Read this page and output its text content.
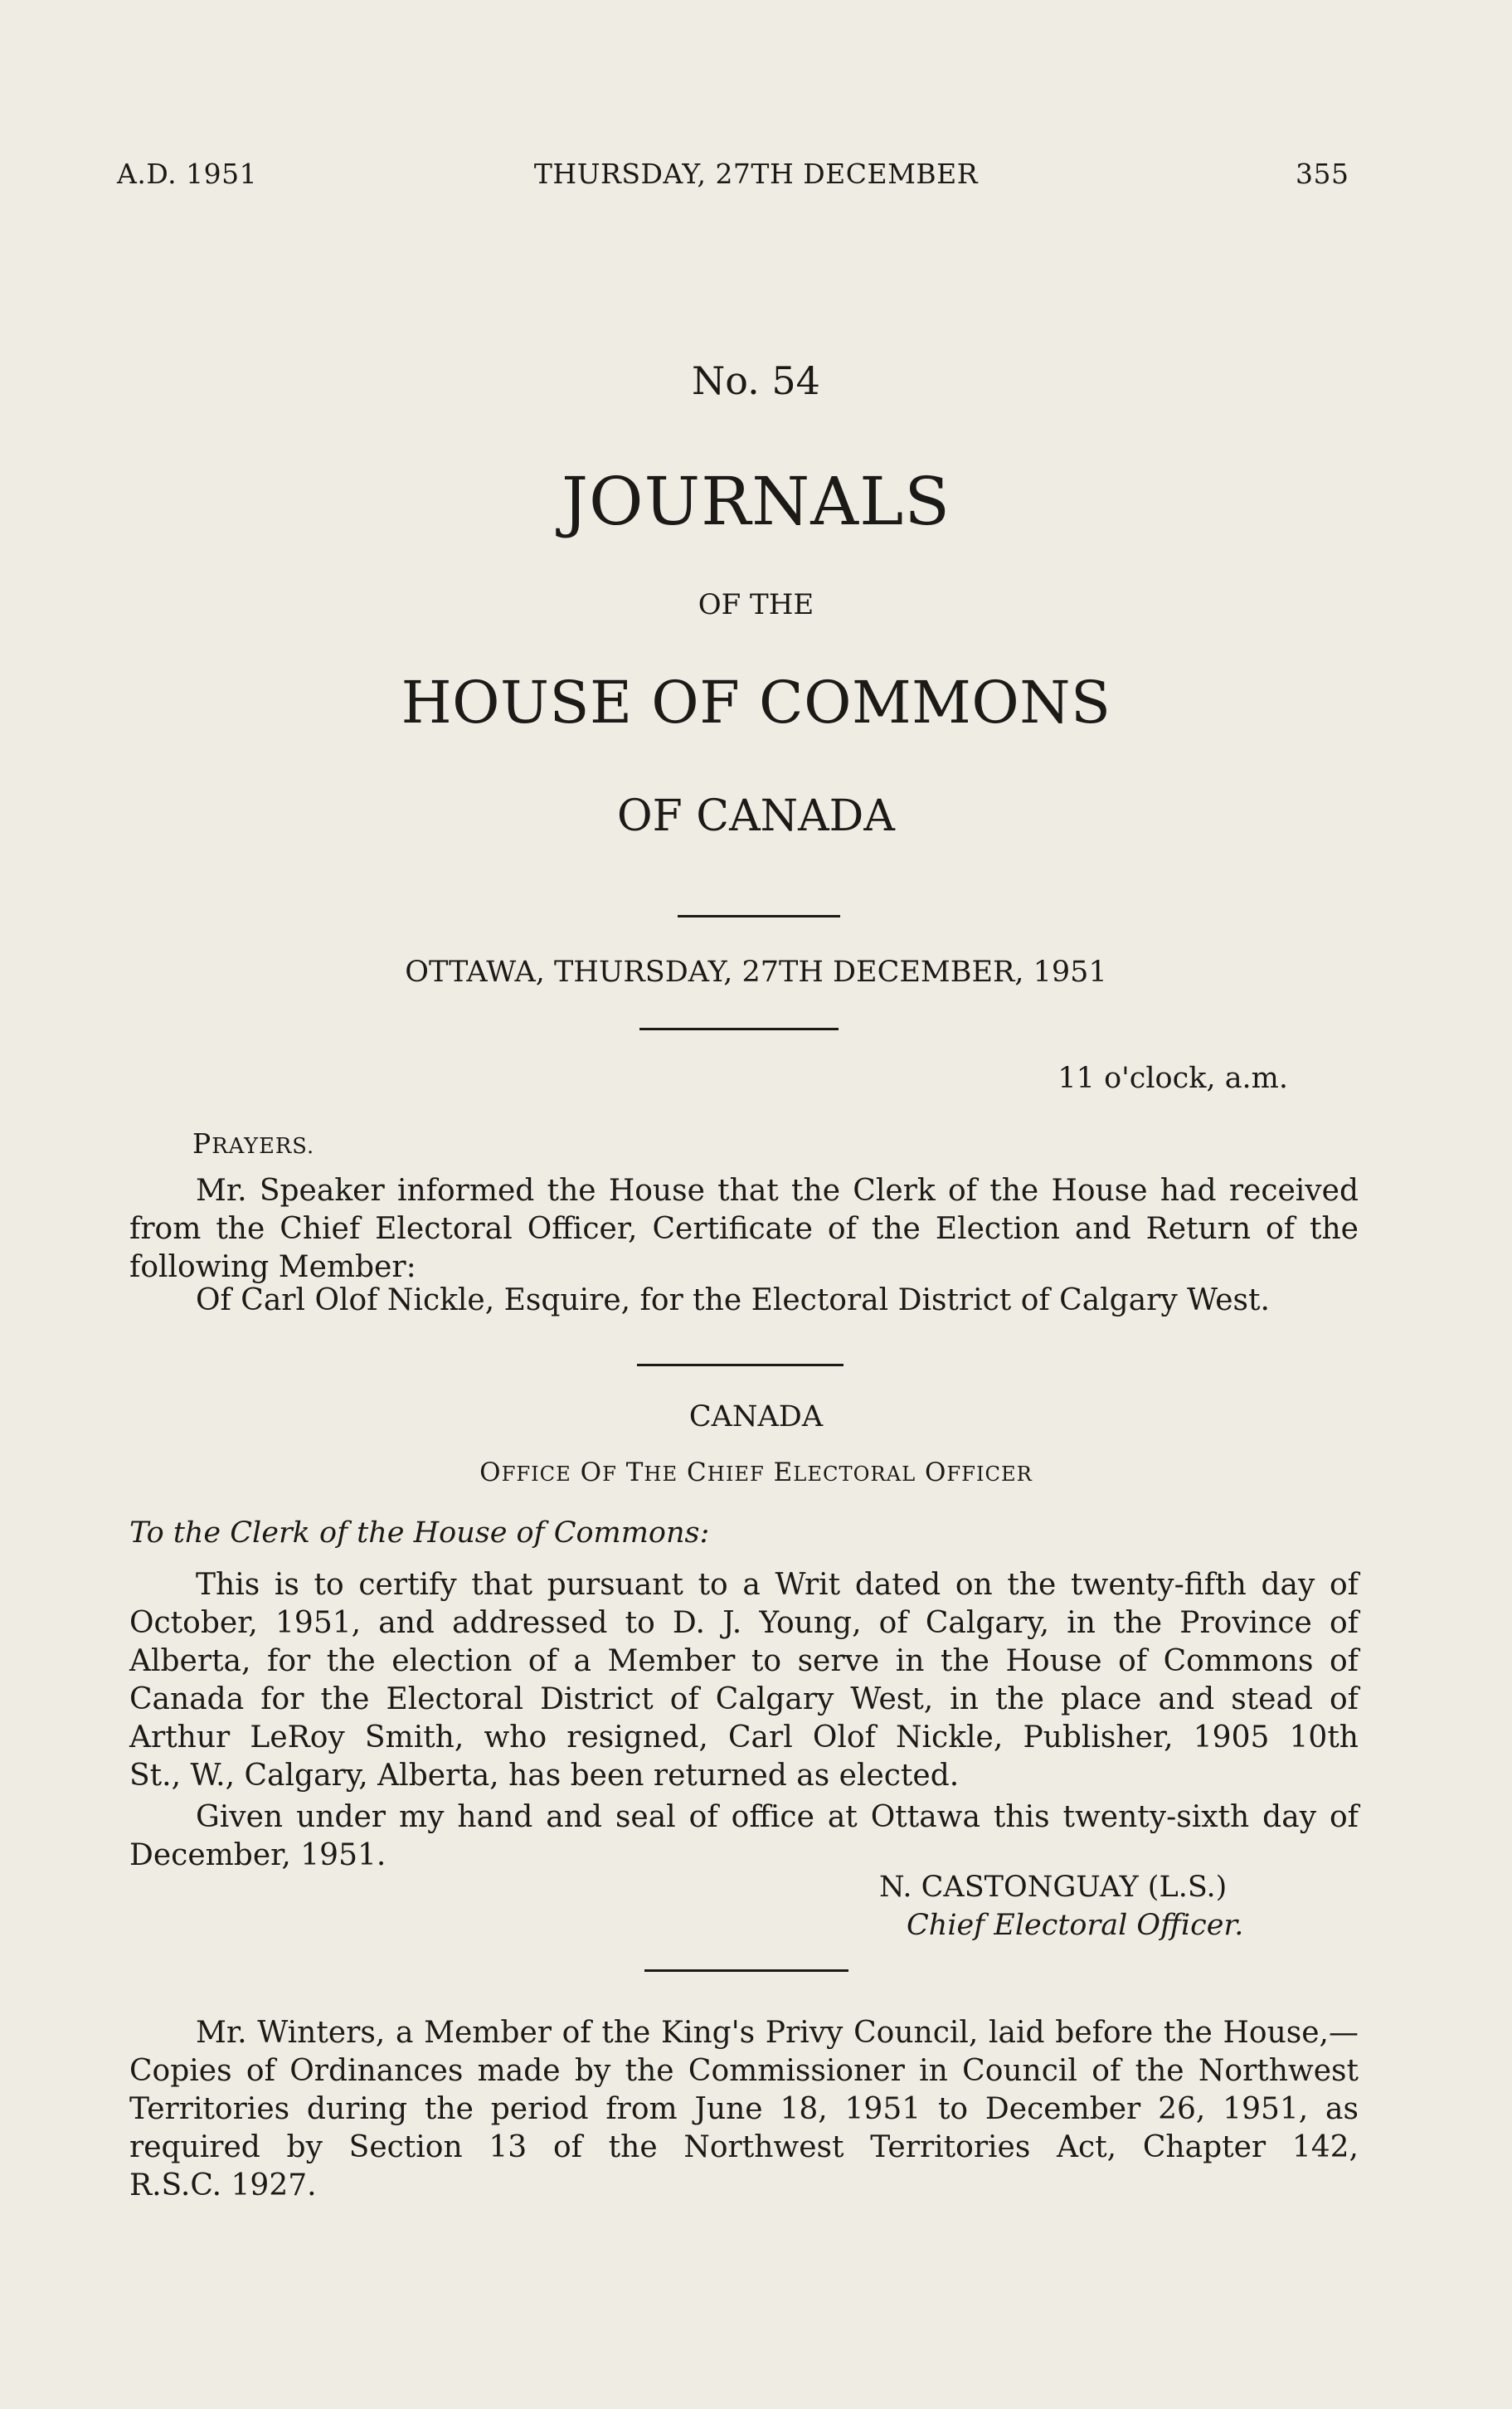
A.D. 1951	THURSDAY, 27TH DECEMBER	355
No. 54
JOURNALS
OF THE
HOUSE OF COMMONS
OF CANADA
OTTAWA, THURSDAY, 27TH DECEMBER, 1951
11 o'clock, a.m.
PRAYERS.
Mr. Speaker informed the House that the Clerk of the House had received
from the Chief Electoral Officer, Certificate of the Election and Return of the
following Member:
Of Carl Olof Nickle, Esquire, for the Electoral District of Calgary West.
CANADA
OFFICE OF THE CHIEF ELECTORAL OFFICER
To the Clerk of the House of Commons:
This is to certify that pursuant to a Writ dated on the twenty-fifth day of
October, 1951, and addressed to D. J. Young, of Calgary, in the Province of
Alberta, for the election of a Member to serve in the House of Commons of
Canada for the Electoral District of Calgary West, in the place and stead of
Arthur LeRoy Smith, who resigned, Carl Olof Nickle, Publisher, 1905 10th
St., W., Calgary, Alberta, has been returned as elected.
Given under my hand and seal of office at Ottawa this twenty-sixth day of
December, 1951.
N. CASTONGUAY (L.S.)
Chief Electoral Officer.
Mr. Winters, a Member of the King's Privy Council, laid before the House,—
Copies of Ordinances made by the Commissioner in Council of the Northwest
Territories during the period from June 18, 1951 to December 26, 1951, as
required by Section 13 of the Northwest Territories Act, Chapter 142,
R.S.C. 1927.
